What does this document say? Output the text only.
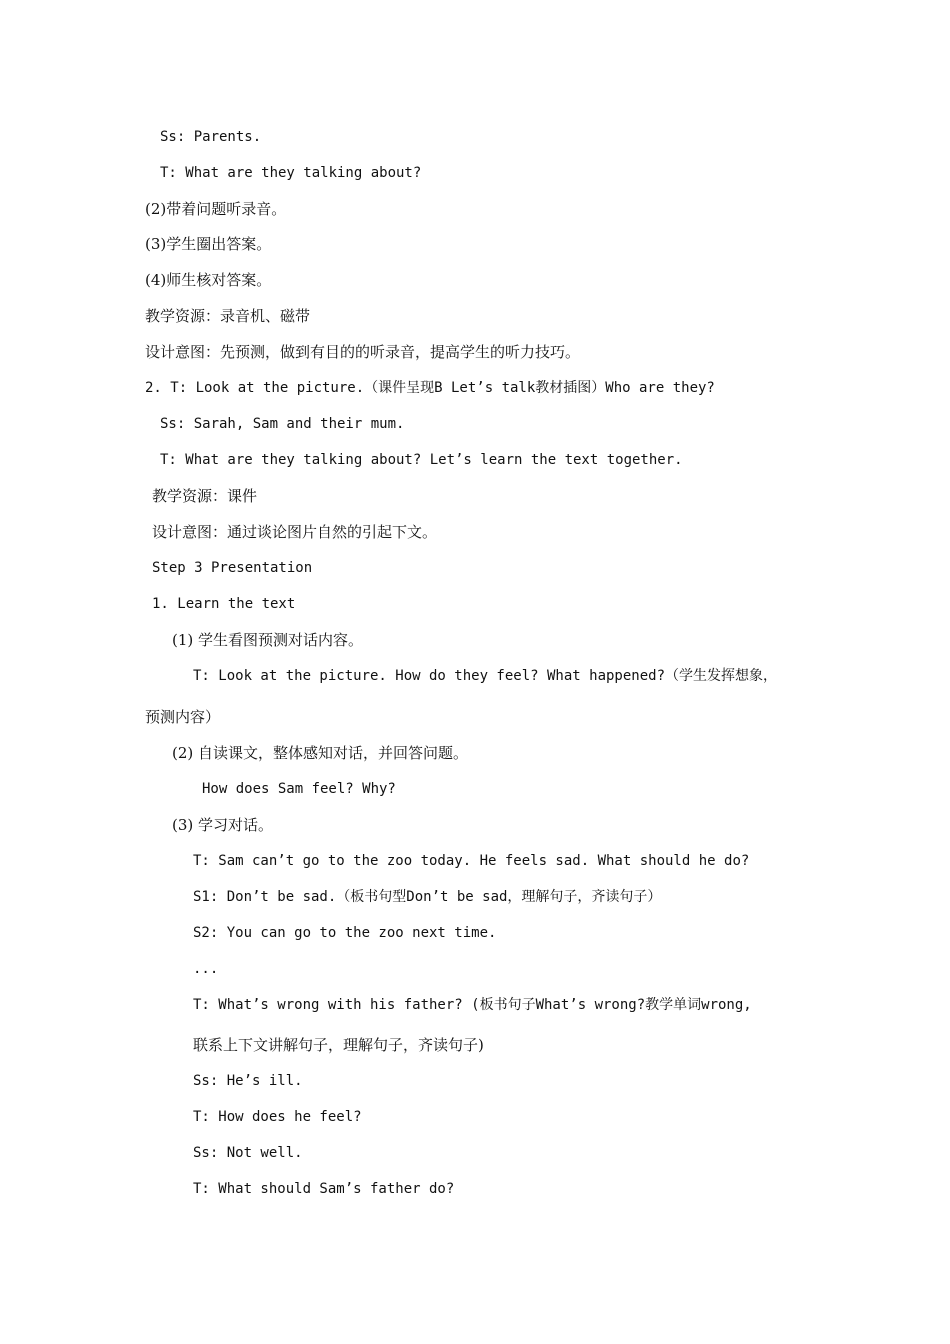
Ss: Parents.
T: What are they talking about?
(2)带着问题听录音。
(3)学生圈出答案。
(4)师生核对答案。
教学资源：录音机、磁带
设计意图：先预测，做到有目的的听录音，提高学生的听力技巧。
2. T: Look at the picture.（课件呈现B Let’s talk教材插图）Who are they?
Ss: Sarah, Sam and their mum.
T: What are they talking about? Let’s learn the text together.
教学资源：课件
设计意图：通过谈论图片自然的引起下文。
Step 3 Presentation
1. Learn the text
(1) 学生看图预测对话内容。
T: Look at the picture. How do they feel? What happened?（学生发挥想象，
预测内容）
(2) 自读课文，整体感知对话，并回答问题。
How does Sam feel? Why?
(3) 学习对话。
T: Sam can’t go to the zoo today. He feels sad. What should he do?
S1: Don’t be sad.（板书句型Don’t be sad，理解句子，齐读句子）
S2: You can go to the zoo next time.
...
T: What’s wrong with his father? (板书句子What’s wrong?教学单词wrong,
联系上下文讲解句子，理解句子，齐读句子)
Ss: He’s ill.
T: How does he feel?
Ss: Not well.
T: What should Sam’s father do?
